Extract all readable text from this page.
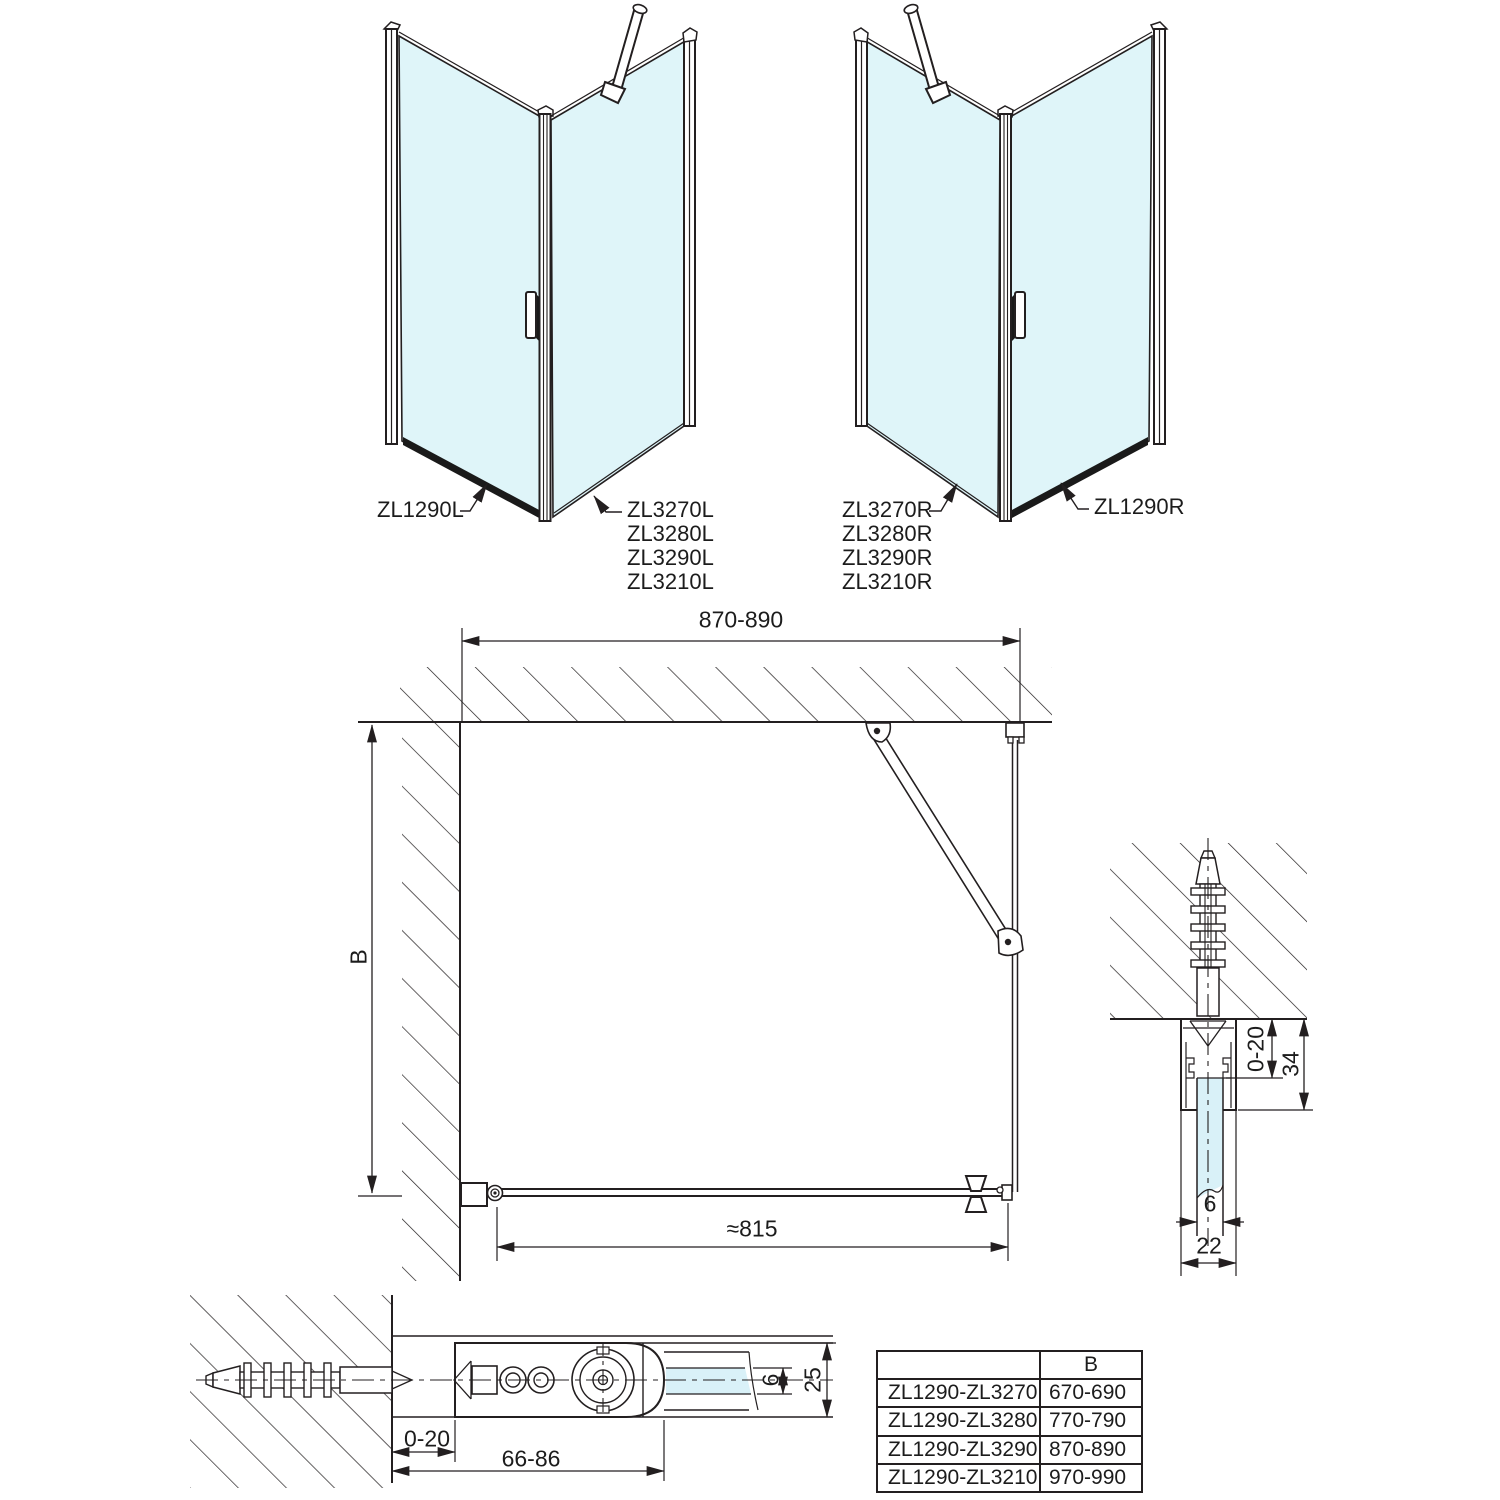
ZL1290L	ZL3270L
ZL3280L
ZL3290L
ZL3210L
ZL3270R
ZL3280R
ZL3290R
ZL3210R
ZL1290R
870-890
B
≈815
0-20 34
6
22
0-20
66-86
6 25
	B
ZL1290-ZL3270	670-690
ZL1290-ZL3280	770-790
ZL1290-ZL3290	870-890
ZL1290-ZL3210	970-990
